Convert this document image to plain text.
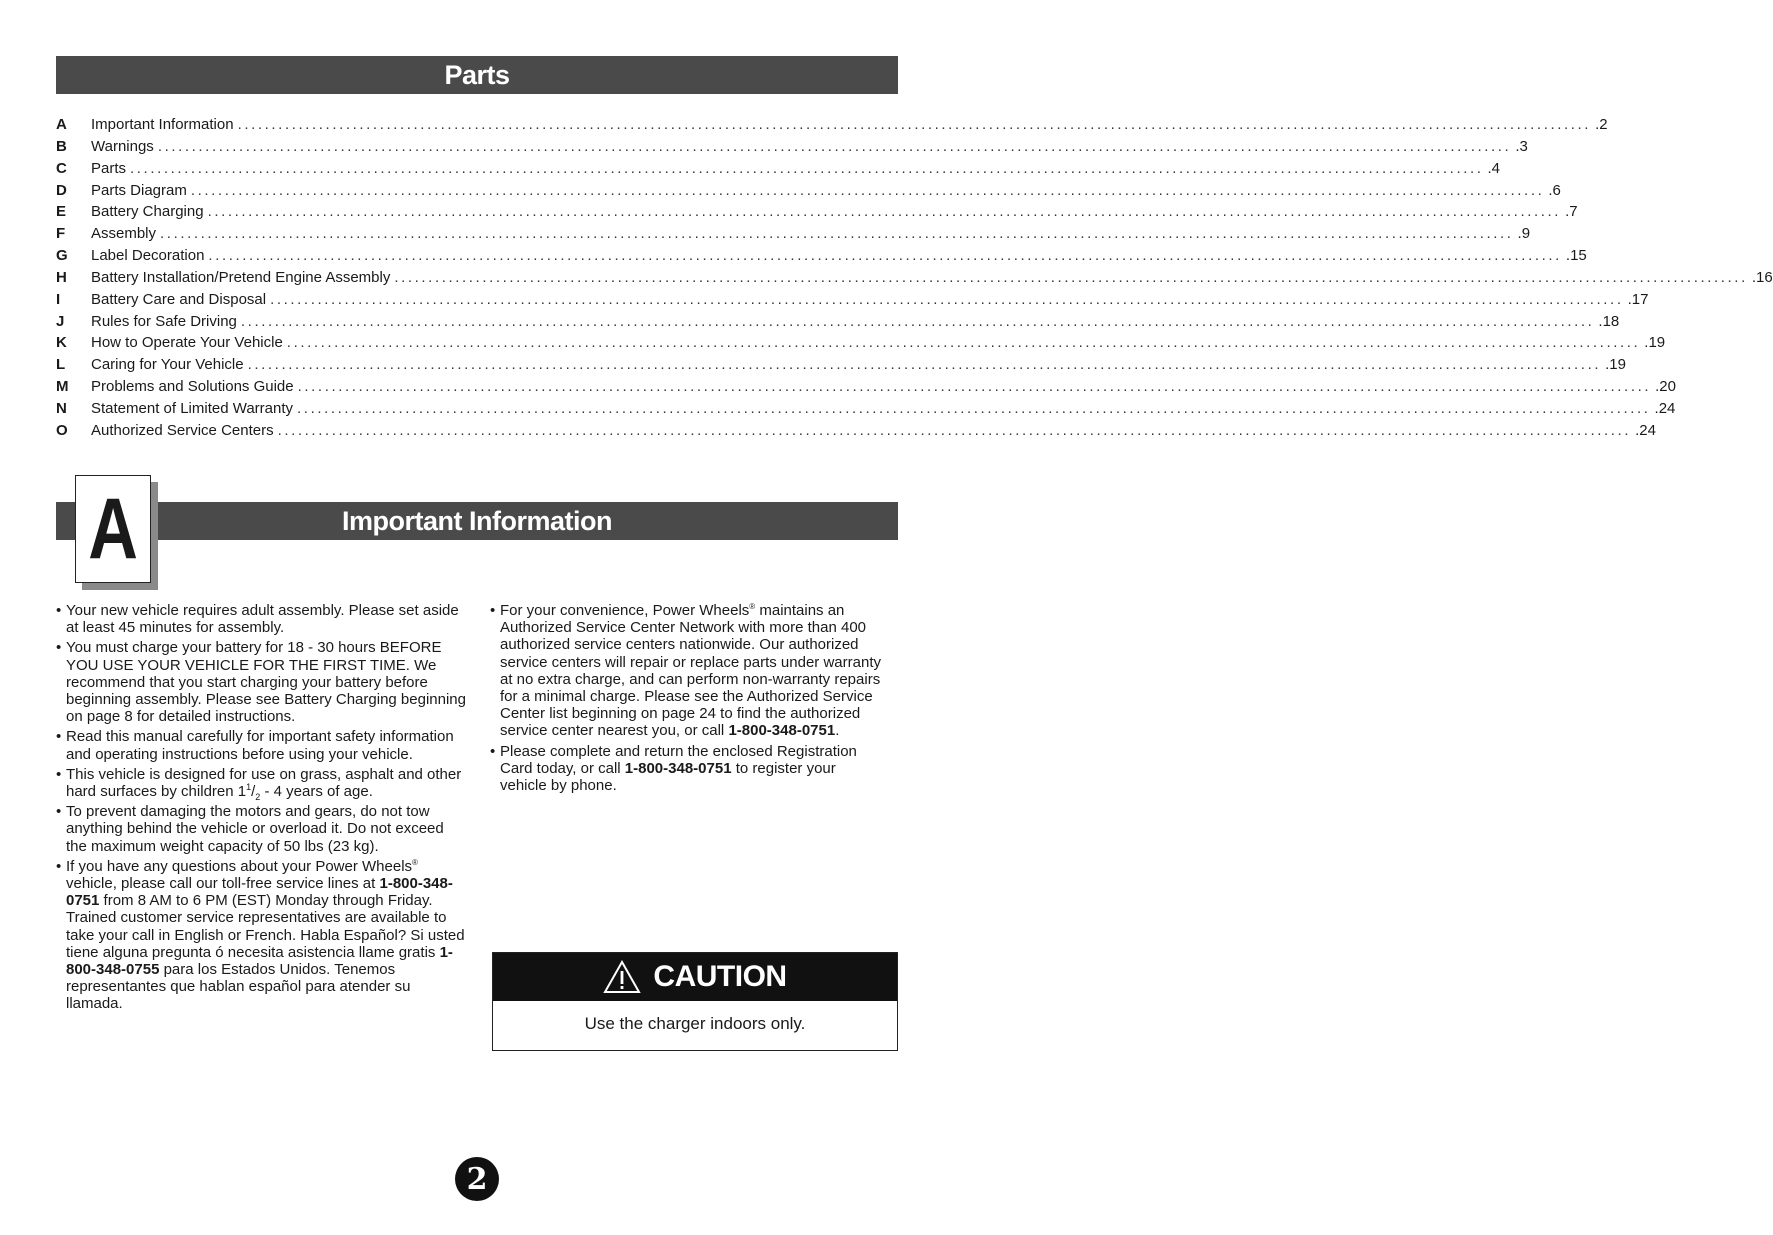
Parts
A	Important Information ........................................................................................................................................................................................................ .2
B	Warnings ........................................................................................................................................................................................................ .3
C	Parts ........................................................................................................................................................................................................ .4
D	Parts Diagram ........................................................................................................................................................................................................ .6
E	Battery Charging ........................................................................................................................................................................................................ .7
F	Assembly ........................................................................................................................................................................................................ .9
G	Label Decoration ........................................................................................................................................................................................................ .15
H	Battery Installation/Pretend Engine Assembly ........................................................................................................................................................................................................ .16
I	Battery Care and Disposal ........................................................................................................................................................................................................ .17
J	Rules for Safe Driving ........................................................................................................................................................................................................ .18
K	How to Operate Your Vehicle ........................................................................................................................................................................................................ .19
L	Caring for Your Vehicle ........................................................................................................................................................................................................ .19
M	Problems and Solutions Guide ........................................................................................................................................................................................................ .20
N	Statement of Limited Warranty ........................................................................................................................................................................................................ .24
O	Authorized Service Centers ........................................................................................................................................................................................................ .24
Important Information
A
• Your new vehicle requires adult assembly. Please set aside at least 45 minutes for assembly.
• You must charge your battery for 18 - 30 hours BEFORE YOU USE YOUR VEHICLE FOR THE FIRST TIME. We recommend that you start charging your battery before beginning assembly. Please see Battery Charging beginning on page 8 for detailed instructions.
• Read this manual carefully for important safety information and operating instructions before using your vehicle.
• This vehicle is designed for use on grass, asphalt and other hard surfaces by children $1^1/_2 - 4$ years of age.
• To prevent damaging the motors and gears, do not tow anything behind the vehicle or overload it. Do not exceed the maximum weight capacity of 50 lbs (23 kg).
• If you have any questions about your Power Wheels® vehicle, please call our toll-free service lines at 1-800-348-0751 from 8 AM to 6 PM (EST) Monday through Friday. Trained customer service representatives are available to take your call in English or French. Habla Español? Si usted tiene alguna pregunta ó necesita asistencia llame gratis 1-800-348-0755 para los Estados Unidos. Tenemos representantes que hablan español para atender su llamada.
• For your convenience, Power Wheels® maintains an Authorized Service Center Network with more than 400 authorized service centers nationwide. Our authorized service centers will repair or replace parts under warranty at no extra charge, and can perform non-warranty repairs for a minimal charge. Please see the Authorized Service Center list beginning on page 24 to find the authorized service center nearest you, or call 1-800-348-0751.
• Please complete and return the enclosed Registration Card today, or call 1-800-348-0751 to register your vehicle by phone.
CAUTION
Use the charger indoors only.
2
